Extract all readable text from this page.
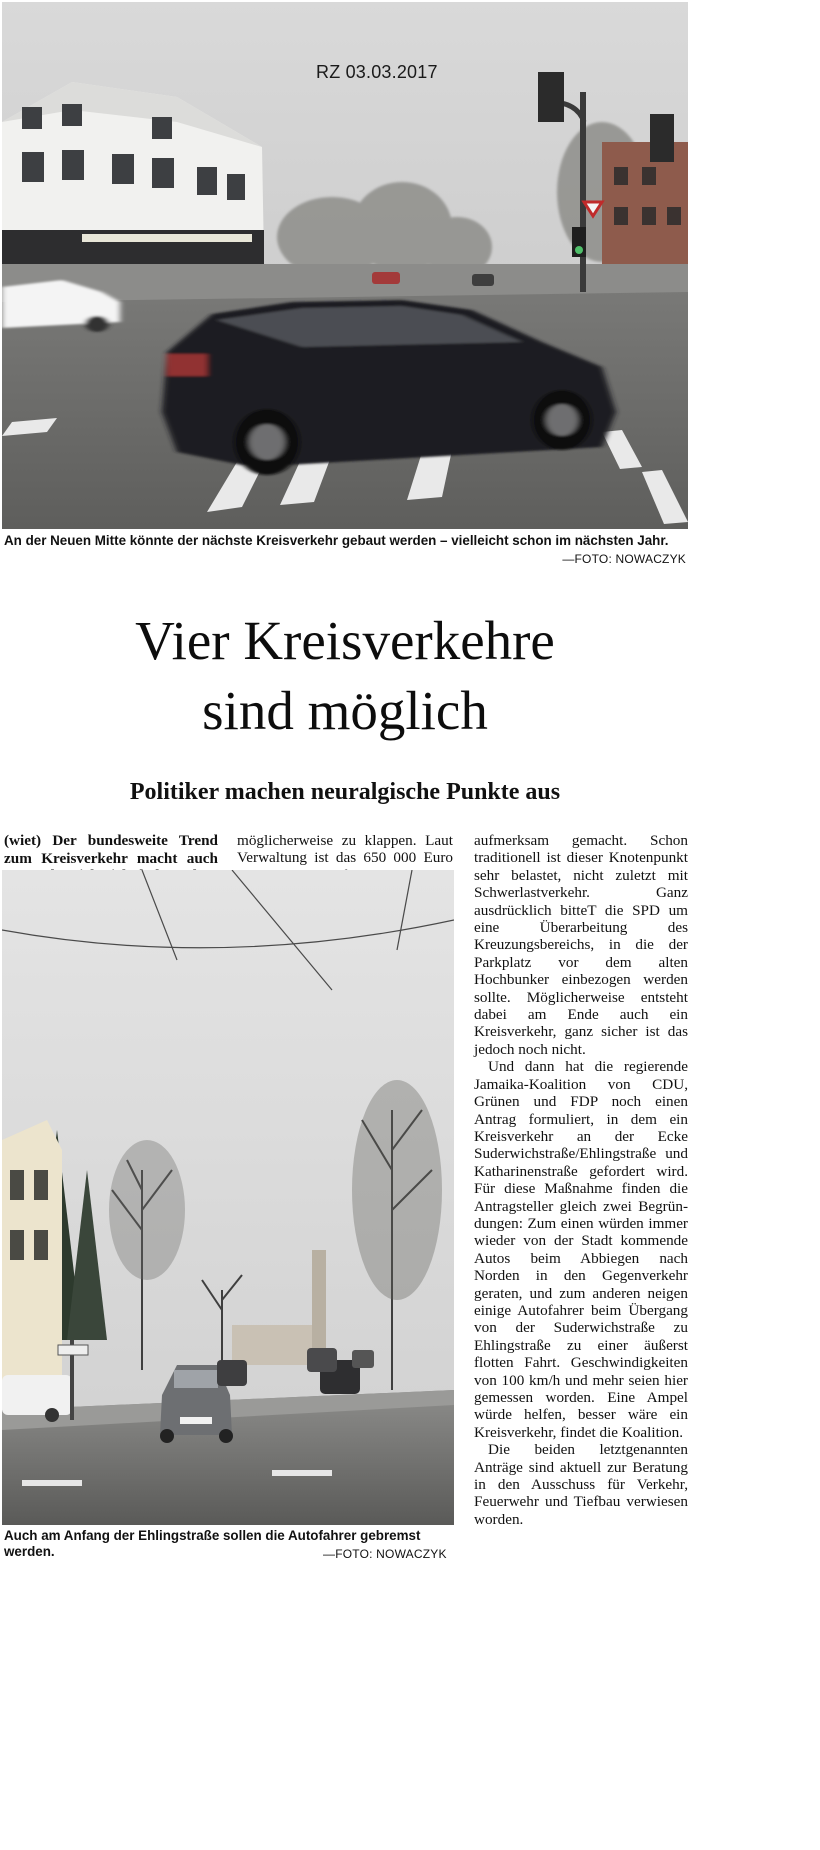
RZ 03.03.2017
An der Neuen Mitte könnte der nächste Kreisverkehr gebaut werden – vielleicht schon im nächsten Jahr.
—FOTO: NOWACZYK
Vier Kreisverkehre
sind möglich
Politiker machen neuralgische Punkte aus

(wiet) Der bundesweite Trend zum Kreisverkehr macht auch

möglicherweise zu klappen. Laut Verwaltung ist das 650 000 Euro

aufmerksam gemacht. Schon traditionell ist dieser Knotenpunkt sehr belastet, nicht zuletzt mit Schwerlastverkehr. Ganz ausdrücklich bitteT die SPD um eine Überarbeitung des Kreuzungsbereichs, in die der Parkplatz vor dem alten Hochbunker einbezogen werden sollte. Möglicherweise entsteht dabei am Ende auch ein Kreisverkehr, ganz sicher ist das jedoch noch nicht.

Und dann hat die regierende Jamaika-Koalition von CDU, Grünen und FDP noch einen Antrag formuliert, in dem ein Kreisverkehr an der Ecke Suderwichstraße/Ehlingstraße und Katharinenstraße gefordert wird. Für diese Maßnahme finden die Antragsteller gleich zwei Begründungen: Zum einen würden immer wieder von der Stadt kommende Autos beim Abbiegen nach Norden in den Gegenverkehr geraten, und zum anderen neigen einige Autofahrer beim Übergang von der Suderwichstraße zu Ehlingstraße zu einer äußerst flotten Fahrt. Geschwindigkeiten von 100 km/h und mehr seien hier gemessen worden. Eine Ampel würde helfen, besser wäre ein Kreisverkehr, findet die Koalition.

Die beiden letztgenannten Anträge sind aktuell zur Beratung in den Ausschuss für Verkehr, Feuerwehr und Tiefbau verwiesen worden.

Auch am Anfang der Ehlingstraße sollen die Autofahrer gebremst werden.	—FOTO: NOWACZYK
